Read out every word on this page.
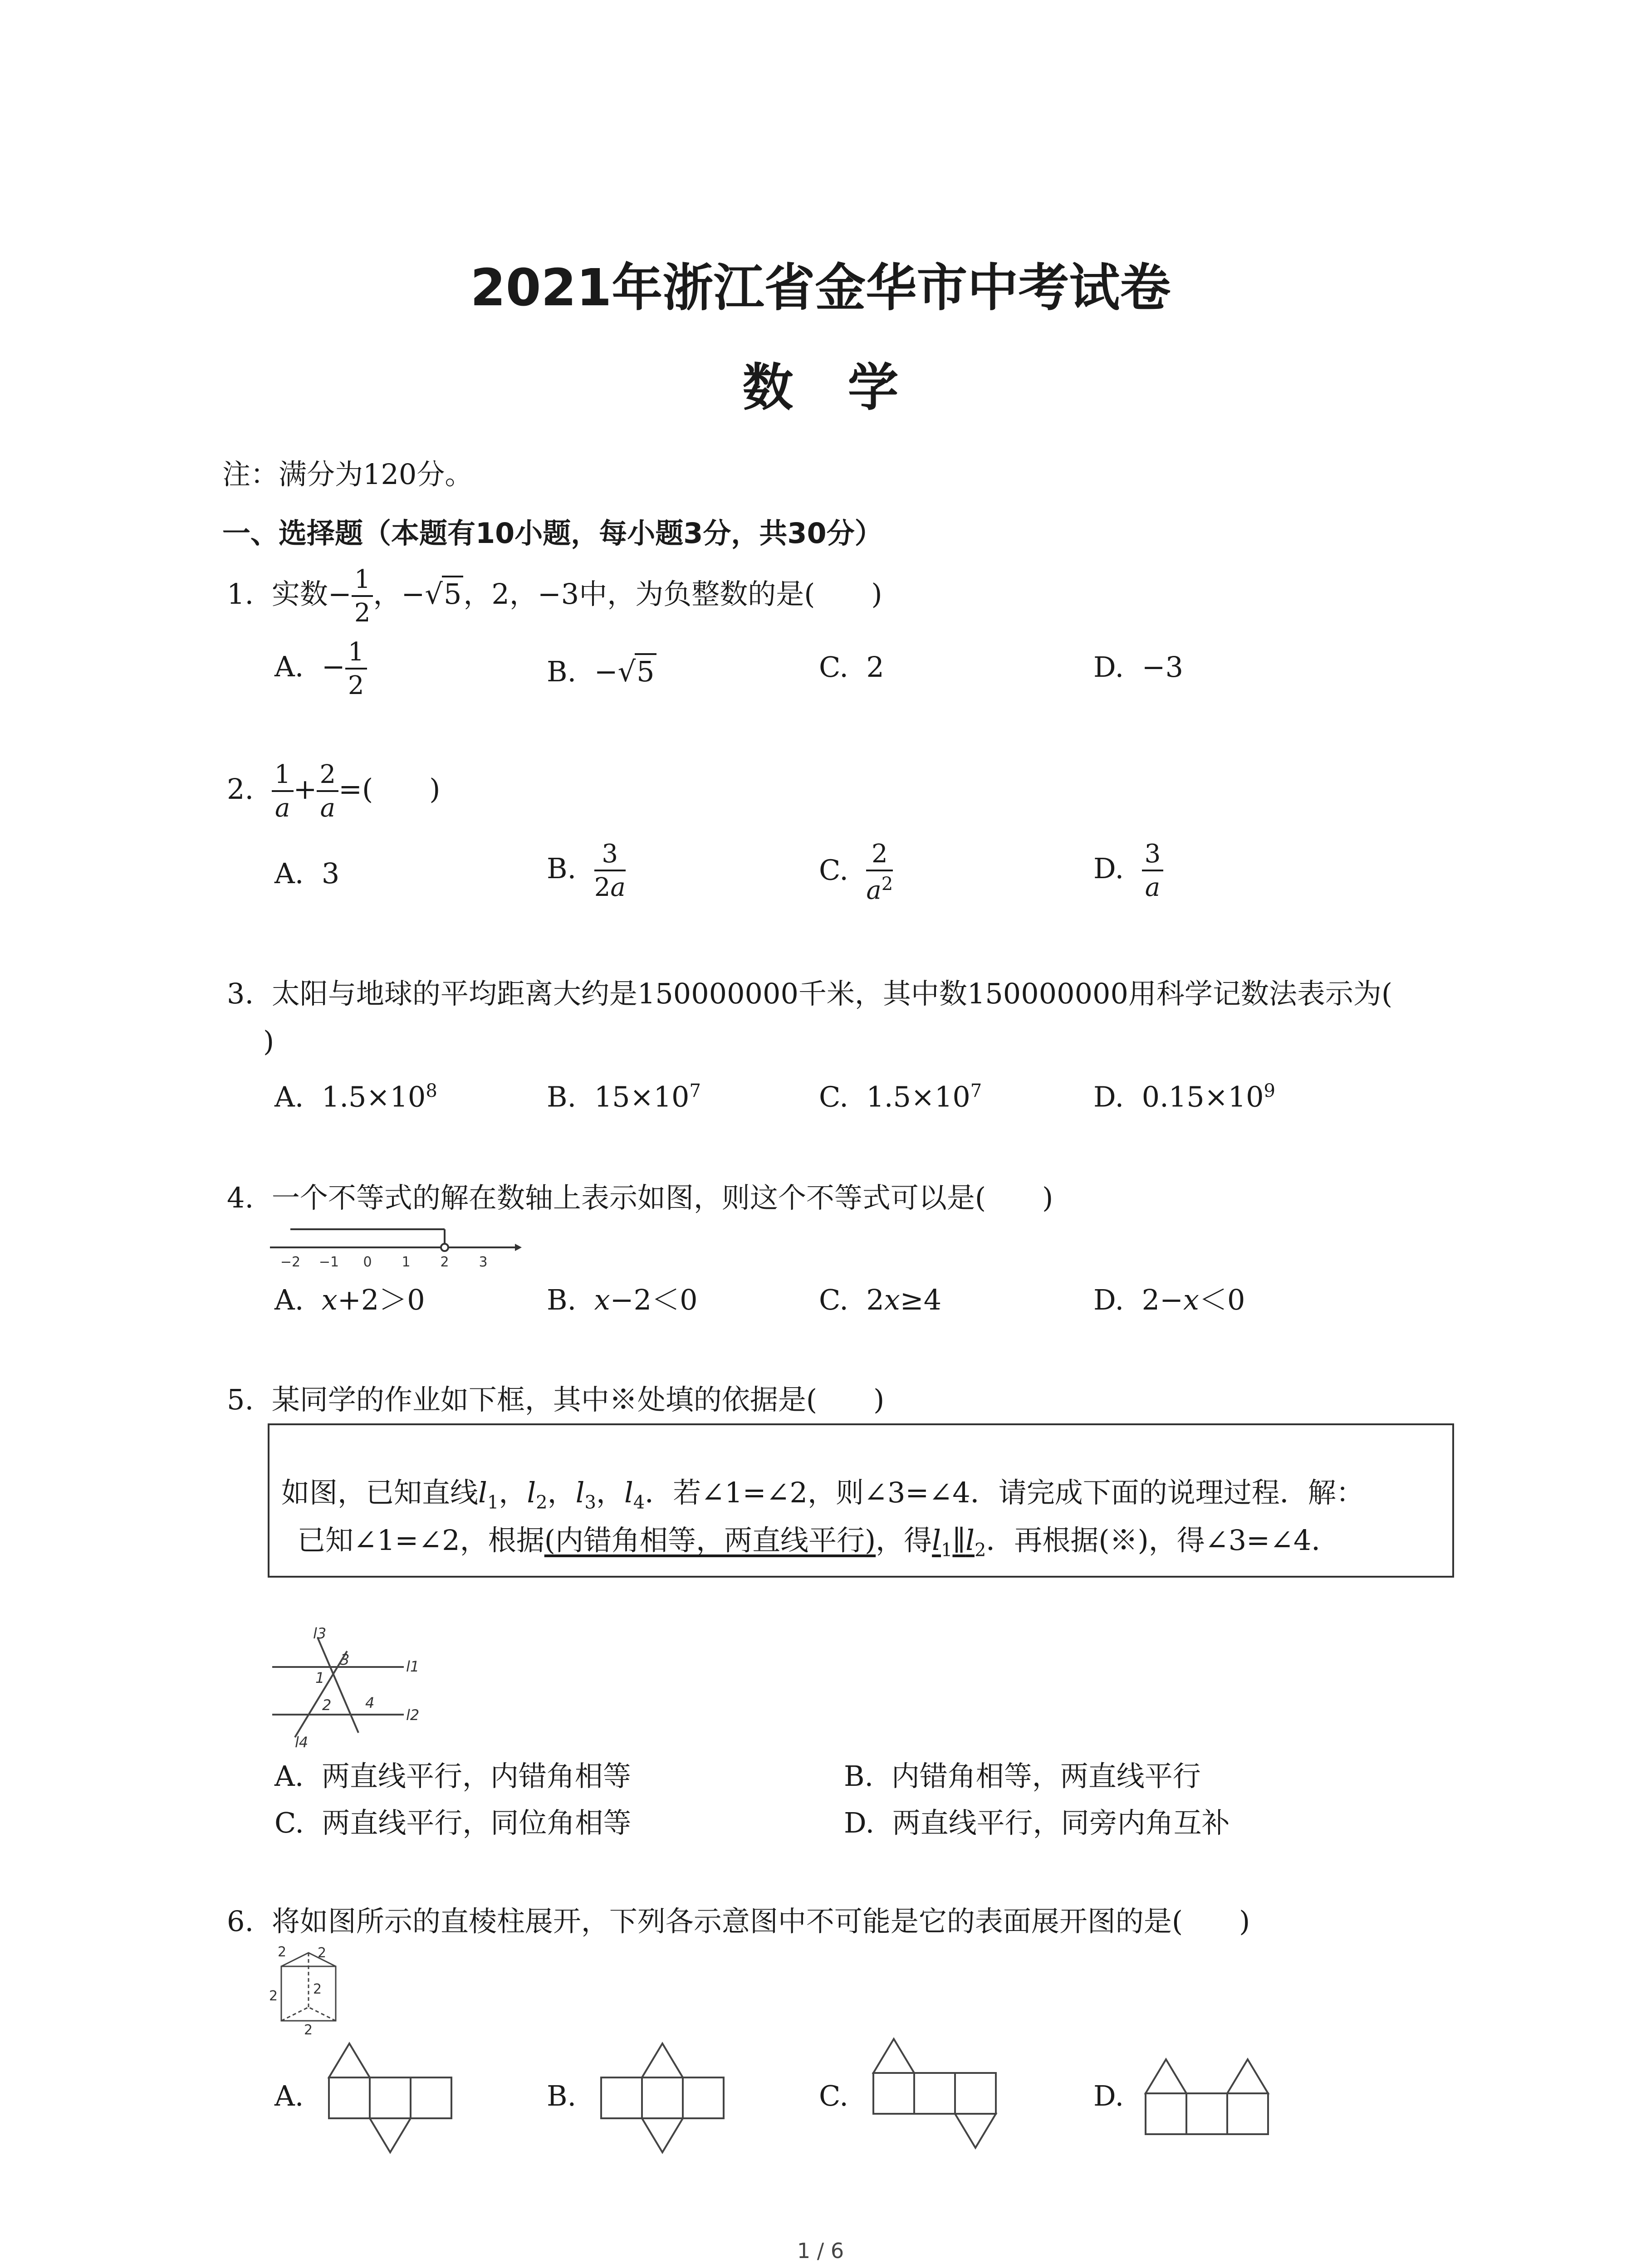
2021年浙江省金华市中考试卷
数学
注：满分为120分。
一、选择题（本题有10小题，每小题3分，共30分）
1. 实数− $\frac{1}{2}$ ，−√5，2，−3中，为负整数的是(　　)
A.  − $\frac{1}{2}$	B.  −√5	C. 2	D. −3
2. $\frac{1}{a} + \frac{2}{a}$ =(　　)
A. 3	B. $\frac{3}{2a}$	C. $\frac{2}{a^2}$	D. $\frac{3}{a}$
3. 太阳与地球的平均距离大约是150000000千米，其中数150000000用科学记数法表示为(
)
A.  $1.5\times 10^8$	B.  $15\times 10^7$	C.  $1.5\times 10^7$	D.  $0.15\times 10^9$
4. 一个不等式的解在数轴上表示如图，则这个不等式可以是(　　)
−2 −1 0 1 2 3
A. x+2＞0	B. x−2＜0	C.  2x≥4	D.  2−x＜0
5. 某同学的作业如下框，其中※处填的依据是(　　)
如图，已知直线$l_1$，$l_2$，$l_3$，$l_4$．若∠1=∠2，则∠3=∠4．请完成下面的说理过程．解：
已知∠1=∠2，根据(内错角相等，两直线平行)，得$l_1\parallel l_2$．再根据(※)，得∠3=∠4．
l3
3	l1
1
2 4
l2
l4
A. 两直线平行，内错角相等	B. 内错角相等，两直线平行
C. 两直线平行，同位角相等	D. 两直线平行，同旁内角互补
6. 将如图所示的直棱柱展开，下列各示意图中不可能是它的表面展开图的是(　　)
2 2
2
2
2
A.	B.	C.	D.
1 / 6
